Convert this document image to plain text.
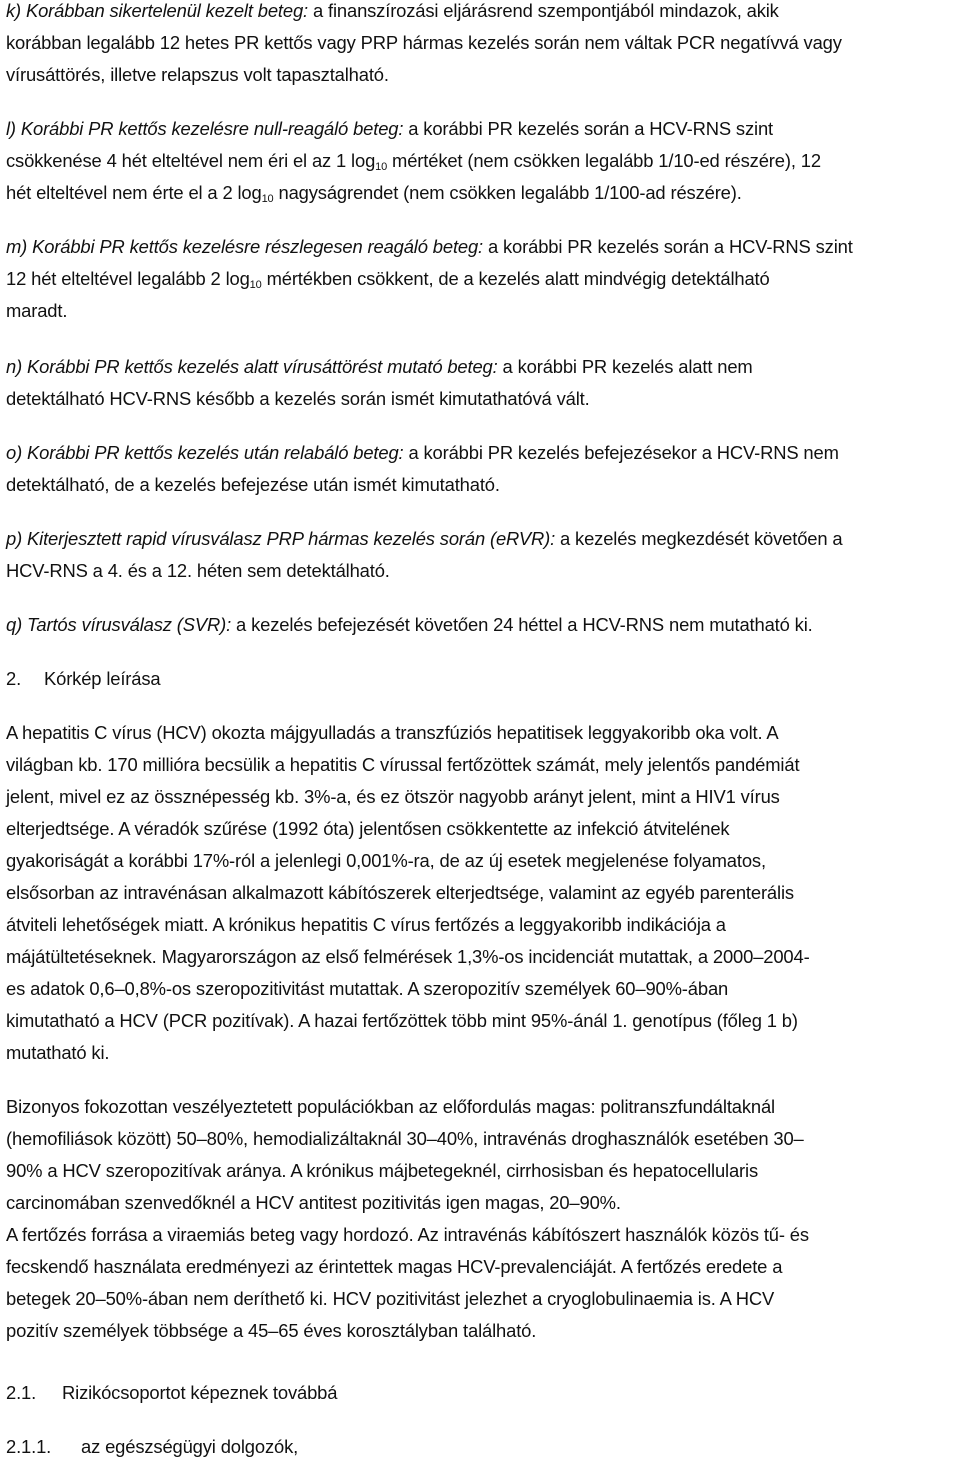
k) Korábban sikertelenül kezelt beteg: a finanszírozási eljárásrend szempontjából mindazok, akik
korábban legalább 12 hetes PR kettős vagy PRP hármas kezelés során nem váltak PCR negatívvá vagy
vírusáttörés, illetve relapszus volt tapasztalható.
l) Korábbi PR kettős kezelésre null-reagáló beteg: a korábbi PR kezelés során a HCV-RNS szint
csökkenése 4 hét elteltével nem éri el az 1 $\log_{10}$ mértéket (nem csökken legalább 1/10-ed részére), 12
hét elteltével nem érte el a 2 $\log_{10}$ nagyságrendet (nem csökken legalább 1/100-ad részére).
m) Korábbi PR kettős kezelésre részlegesen reagáló beteg: a korábbi PR kezelés során a HCV-RNS szint
12 hét elteltével legalább 2 $\log_{10}$ mértékben csökkent, de a kezelés alatt mindvégig detektálható
maradt.
n) Korábbi PR kettős kezelés alatt vírusáttörést mutató beteg: a korábbi PR kezelés alatt nem
detektálható HCV-RNS később a kezelés során ismét kimutathatóvá vált.
o) Korábbi PR kettős kezelés után relabáló beteg: a korábbi PR kezelés befejezésekor a HCV-RNS nem
detektálható, de a kezelés befejezése után ismét kimutatható.
p) Kiterjesztett rapid vírusválasz PRP hármas kezelés során (eRVR): a kezelés megkezdését követően a
HCV-RNS a 4. és a 12. héten sem detektálható.
q) Tartós vírusválasz (SVR): a kezelés befejezését követően 24 héttel a HCV-RNS nem mutatható ki.
2. Kórkép leírása
A hepatitis C vírus (HCV) okozta májgyulladás a transzfúziós hepatitisek leggyakoribb oka volt. A
világban kb. 170 millióra becsülik a hepatitis C vírussal fertőzöttek számát, mely jelentős pandémiát
jelent, mivel ez az össznépesség kb. 3%-a, és ez ötször nagyobb arányt jelent, mint a HIV1 vírus
elterjedtsége. A véradók szűrése (1992 óta) jelentősen csökkentette az infekció átvitelének
gyakoriságát a korábbi 17%-ról a jelenlegi 0,001%-ra, de az új esetek megjelenése folyamatos,
elsősorban az intravénásan alkalmazott kábítószerek elterjedtsége, valamint az egyéb parenterális
átviteli lehetőségek miatt. A krónikus hepatitis C vírus fertőzés a leggyakoribb indikációja a
májátültetéseknek. Magyarországon az első felmérések 1,3%-os incidenciát mutattak, a 2000–2004-
es adatok 0,6–0,8%-os szeropozitivitást mutattak. A szeropozitív személyek 60–90%-ában
kimutatható a HCV (PCR pozitívak). A hazai fertőzöttek több mint 95%-ánál 1. genotípus (főleg 1 b)
mutatható ki.
Bizonyos fokozottan veszélyeztetett populációkban az előfordulás magas: politranszfundáltaknál
(hemofiliások között) 50–80%, hemodializáltaknál 30–40%, intravénás droghasználók esetében 30–
90% a HCV szeropozitívak aránya. A krónikus májbetegeknél, cirrhosisban és hepatocellularis
carcinomában szenvedőknél a HCV antitest pozitivitás igen magas, 20–90%.
A fertőzés forrása a viraemiás beteg vagy hordozó. Az intravénás kábítószert használók közös tű- és
fecskendő használata eredményezi az érintettek magas HCV-prevalenciáját. A fertőzés eredete a
betegek 20–50%-ában nem deríthető ki. HCV pozitivitást jelezhet a cryoglobulinaemia is. A HCV
pozitív személyek többsége a 45–65 éves korosztályban található.
2.1. Rizikócsoportot képeznek továbbá
2.1.1. az egészségügyi dolgozók,
